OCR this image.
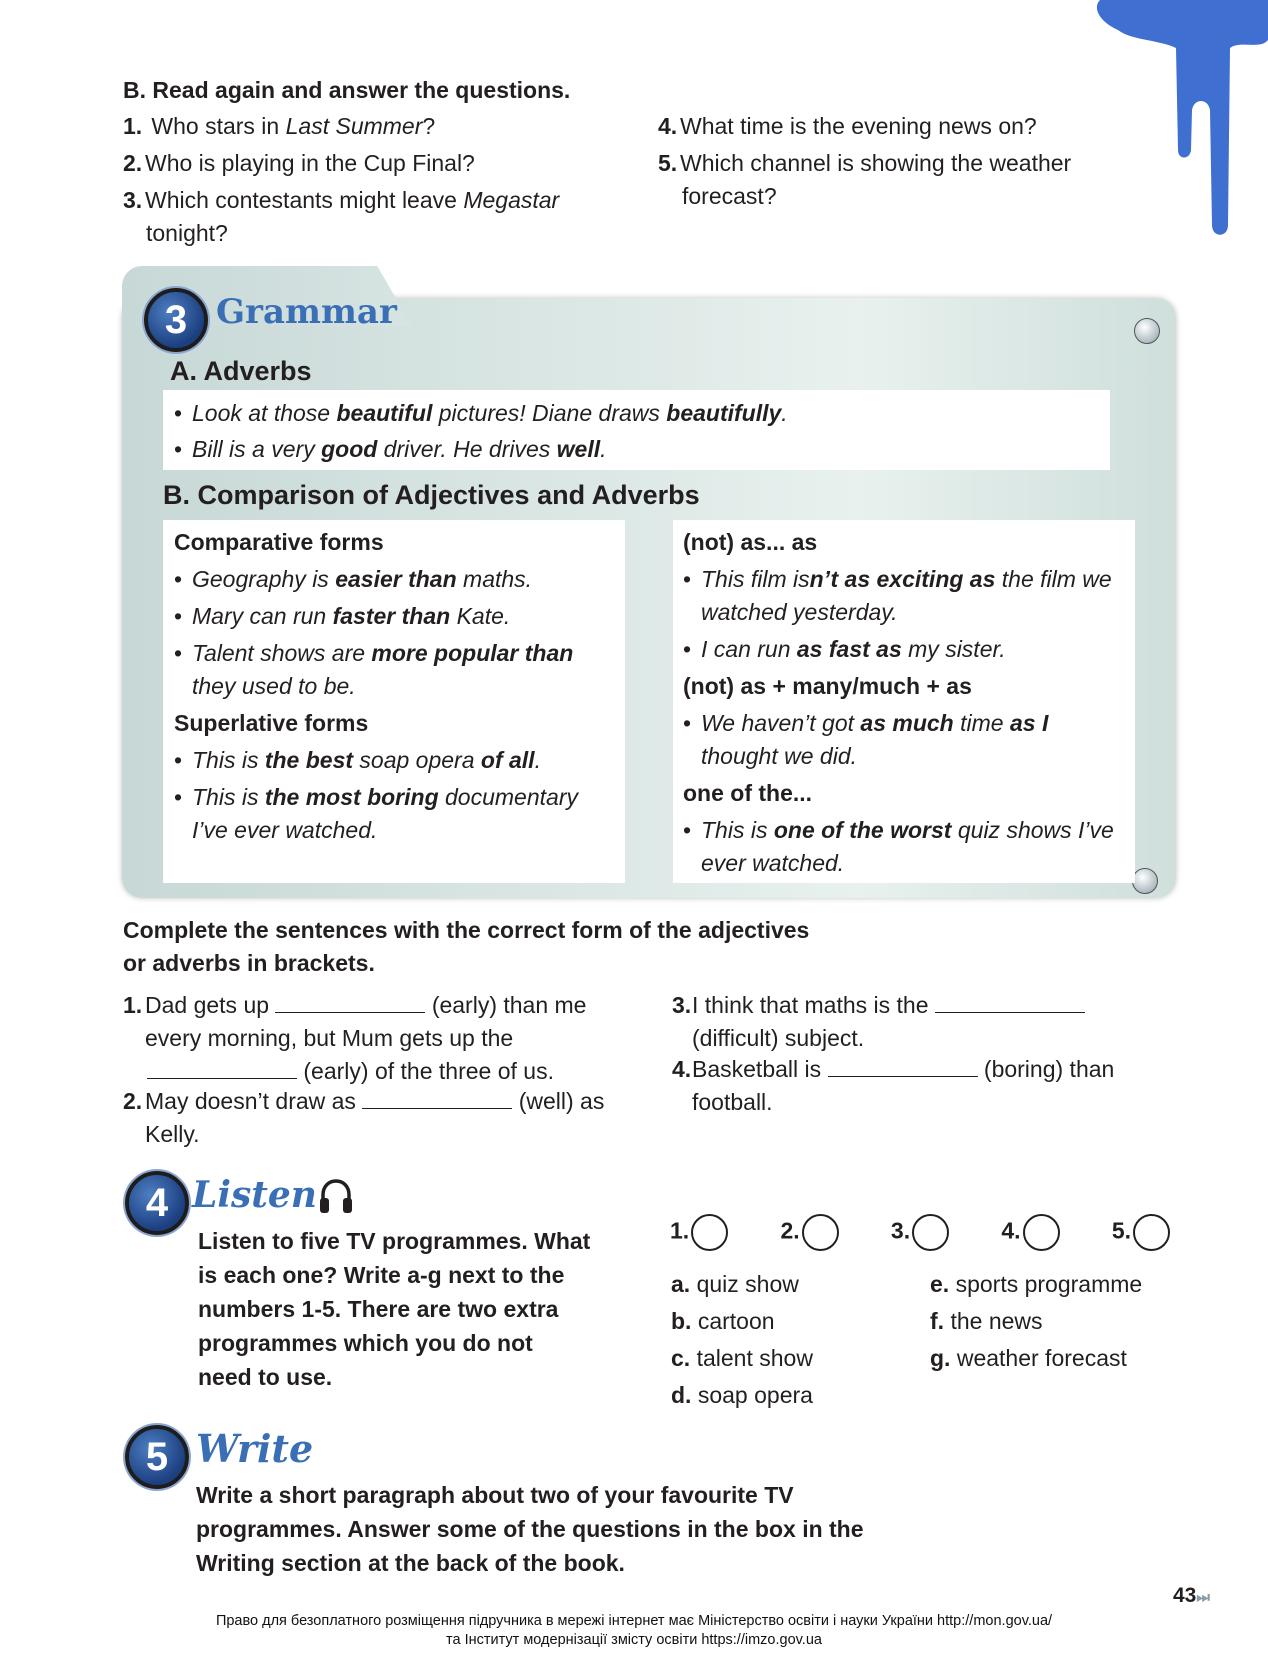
B. Read again and answer the questions.
1. Who stars in Last Summer?
2. Who is playing in the Cup Final?
3. Which contestants might leave Megastar
tonight?
4. What time is the evening news on?
5. Which channel is showing the weather
forecast?
3 Grammar
A. Adverbs
• Look at those beautiful pictures! Diane draws beautifully.
• Bill is a very good driver. He drives well.
B. Comparison of Adjectives and Adverbs
Comparative forms
• Geography is easier than maths.
• Mary can run faster than Kate.
• Talent shows are more popular than
they used to be.
Superlative forms
• This is the best soap opera of all.
• This is the most boring documentary
I’ve ever watched.
(not) as... as
• This film isn’t as exciting as the film we
watched yesterday.
• I can run as fast as my sister.
(not) as + many/much + as
• We haven’t got as much time as I
thought we did.
one of the...
• This is one of the worst quiz shows I’ve
ever watched.
Complete the sentences with the correct form of the adjectives
or adverbs in brackets.
1. Dad gets up	(early) than me
every morning, but Mum gets up the
(early) of the three of us.
2. May doesn’t draw as	(well) as
Kelly.
3.I think that maths is the
(difficult) subject.
4.Basketball is	(boring) than
football.
4 Listen
Listen to five TV programmes. What
is each one? Write a-g next to the
numbers 1-5. There are two extra
programmes which you do not
need to use.
1.	2.	3.	4.	5.
a. quiz show
b. cartoon
c. talent show
d. soap opera
e. sports programme
f. the news
g. weather forecast
5 Write
Write a short paragraph about two of your favourite TV
programmes. Answer some of the questions in the box in the
Writing section at the back of the book.
43⏭
Право для безоплатного розміщення підручника в мережі інтернет має Міністерство освіти і науки України http://mon.gov.ua/
та Інститут модернізації змісту освіти https://imzo.gov.ua
